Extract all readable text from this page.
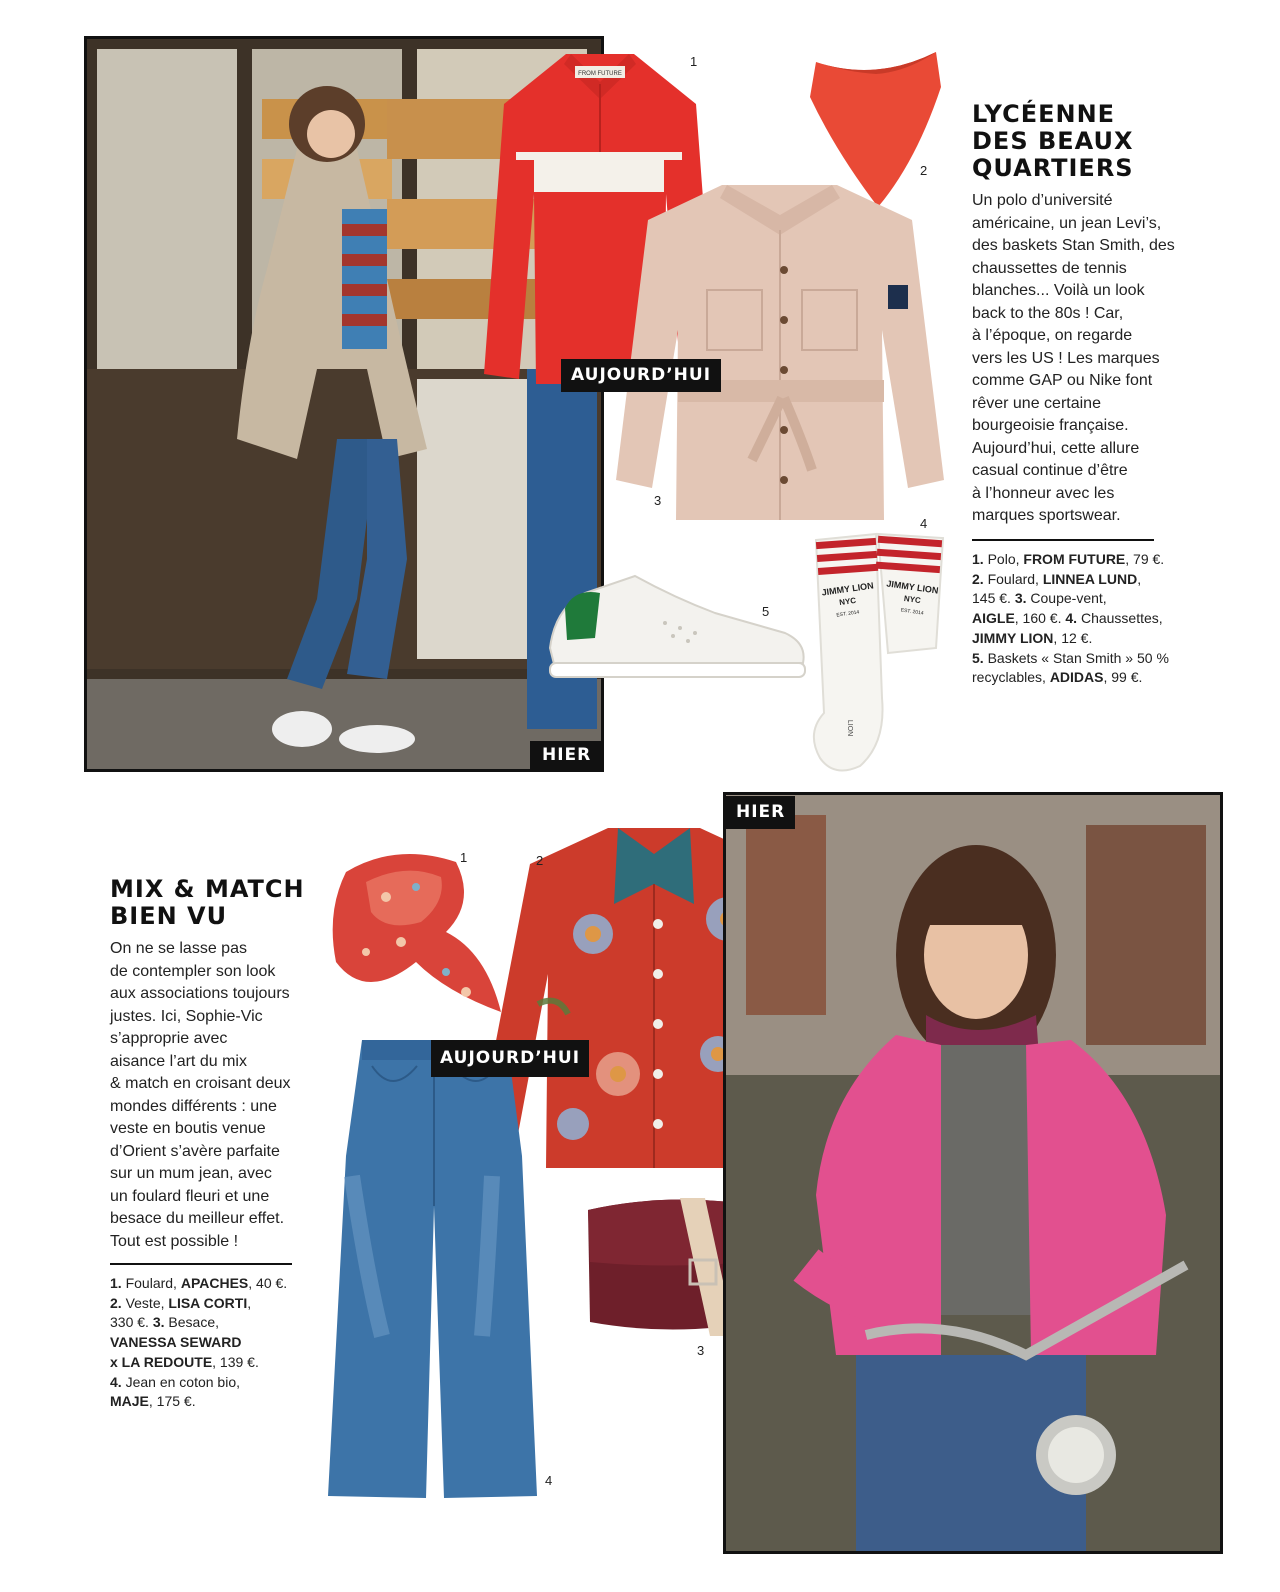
HIER
FROM FUTURE
1
2
3
AUJOURD’HUI
5
JIMMY LION
NYC
EST. 2014
JIMMY LION
NYC
EST. 2014
LION
4
LYCÉENNE
DES BEAUX
QUARTIERS

Un polo d’université

américaine, un jean Levi’s,

des baskets Stan Smith, des

chaussettes de tennis

blanches... Voilà un look

back to the 80s ! Car,

à l’époque, on regarde

vers les US ! Les marques

comme GAP ou Nike font

rêver une certaine

bourgeoisie française.

Aujourd’hui, cette allure

casual continue d’être

à l’honneur avec les

marques sportswear.

1. Polo, FROM FUTURE, 79 €.

2. Foulard, LINNEA LUND,

145 €. 3. Coupe-vent,

AIGLE, 160 €. 4. Chaussettes,

JIMMY LION, 12 €.

5. Baskets « Stan Smith » 50 %

recyclables, ADIDAS, 99 €.

MIX & MATCH
BIEN VU

On ne se lasse pas

de contempler son look

aux associations toujours

justes. Ici, Sophie-Vic

s’approprie avec

aisance l’art du mix

& match en croisant deux

mondes différents : une

veste en boutis venue

d’Orient s’avère parfaite

sur un mum jean, avec

un foulard fleuri et une

besace du meilleur effet.

Tout est possible !

1. Foulard, APACHES, 40 €.

2. Veste, LISA CORTI,

330 €. 3. Besace,

VANESSA SEWARD

x LA REDOUTE, 139 €.

4. Jean en coton bio,

MAJE, 175 €.

1	2
4
AUJOURD’HUI
3
HIER
